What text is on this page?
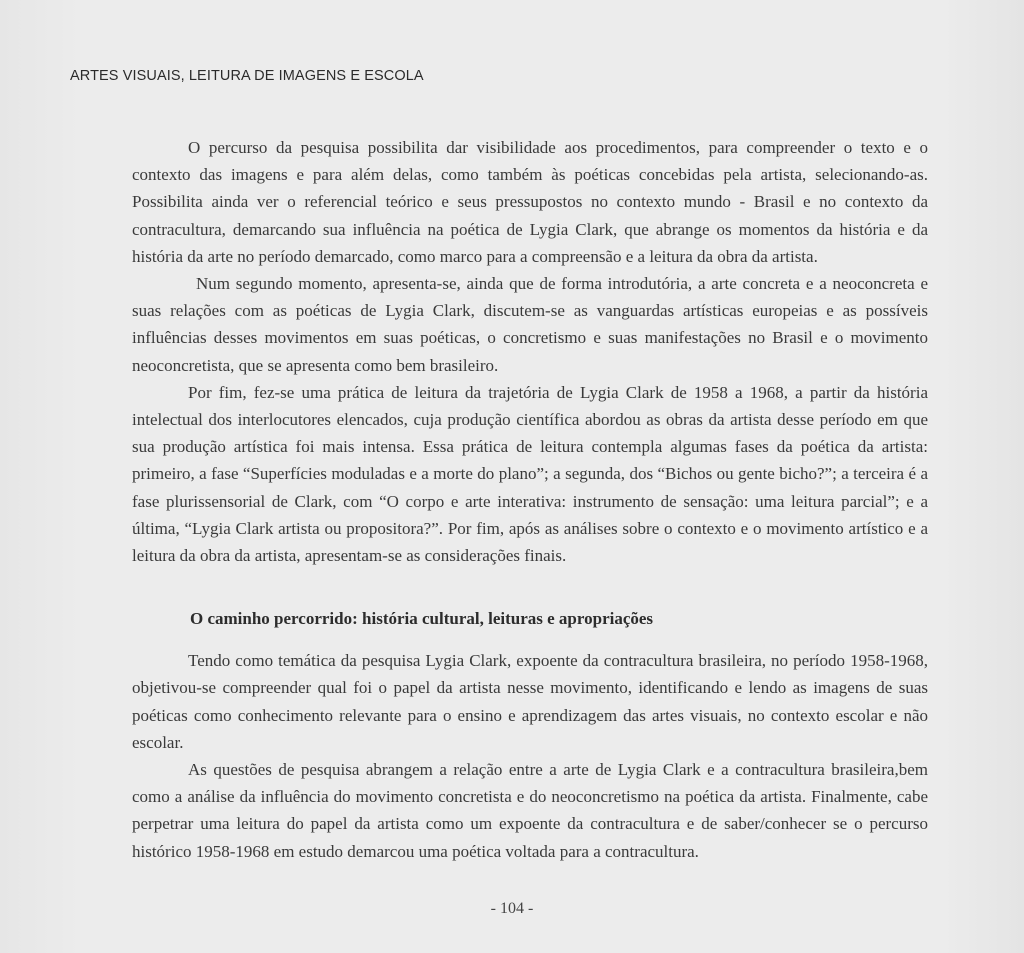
ARTES VISUAIS, LEITURA DE IMAGENS E ESCOLA

O percurso da pesquisa possibilita dar visibilidade aos procedimentos, para compreender o texto e o contexto das imagens e para além delas, como também às poéticas concebidas pela artista, selecionando-as. Possibilita ainda ver o referencial teórico e seus pressupostos no contexto mundo - Brasil e no contexto da contracultura, demarcando sua influência na poética de Lygia Clark, que abrange os momentos da história e da história da arte no período demarcado, como marco para a compreensão e a leitura da obra da artista.

Num segundo momento, apresenta-se, ainda que de forma introdutória, a arte concreta e a neoconcreta e suas relações com as poéticas de Lygia Clark, discutem-se as vanguardas artísticas europeias e as possíveis influências desses movimentos em suas poéticas, o concretismo e suas manifestações no Brasil e o movimento neoconcretista, que se apresenta como bem brasileiro.

Por fim, fez-se uma prática de leitura da trajetória de Lygia Clark de 1958 a 1968, a partir da história intelectual dos interlocutores elencados, cuja produção científica abordou as obras da artista desse período em que sua produção artística foi mais intensa. Essa prática de leitura contempla algumas fases da poética da artista: primeiro, a fase “Superfícies moduladas e a morte do plano”; a segunda, dos “Bichos ou gente bicho?”; a terceira é a fase plurissensorial de Clark, com “O corpo e arte interativa: instrumento de sensação: uma leitura parcial”; e a última, “Lygia Clark artista ou propositora?”. Por fim, após as análises sobre o contexto e o movimento artístico e a leitura da obra da artista, apresentam-se as considerações finais.

O caminho percorrido: história cultural, leituras e apropriações

Tendo como temática da pesquisa Lygia Clark, expoente da contracultura brasileira, no período 1958-1968, objetivou-se compreender qual foi o papel da artista nesse movimento, identificando e lendo as imagens de suas poéticas como conhecimento relevante para o ensino e aprendizagem das artes visuais, no contexto escolar e não escolar.

As questões de pesquisa abrangem a relação entre a arte de Lygia Clark e a contracultura brasileira,bem como a análise da influência do movimento concretista e do neoconcretismo na poética da artista. Finalmente, cabe perpetrar uma leitura do papel da artista como um expoente da contracultura e de saber/conhecer se o percurso histórico 1958-1968 em estudo demarcou uma poética voltada para a contracultura.

- 104 -
